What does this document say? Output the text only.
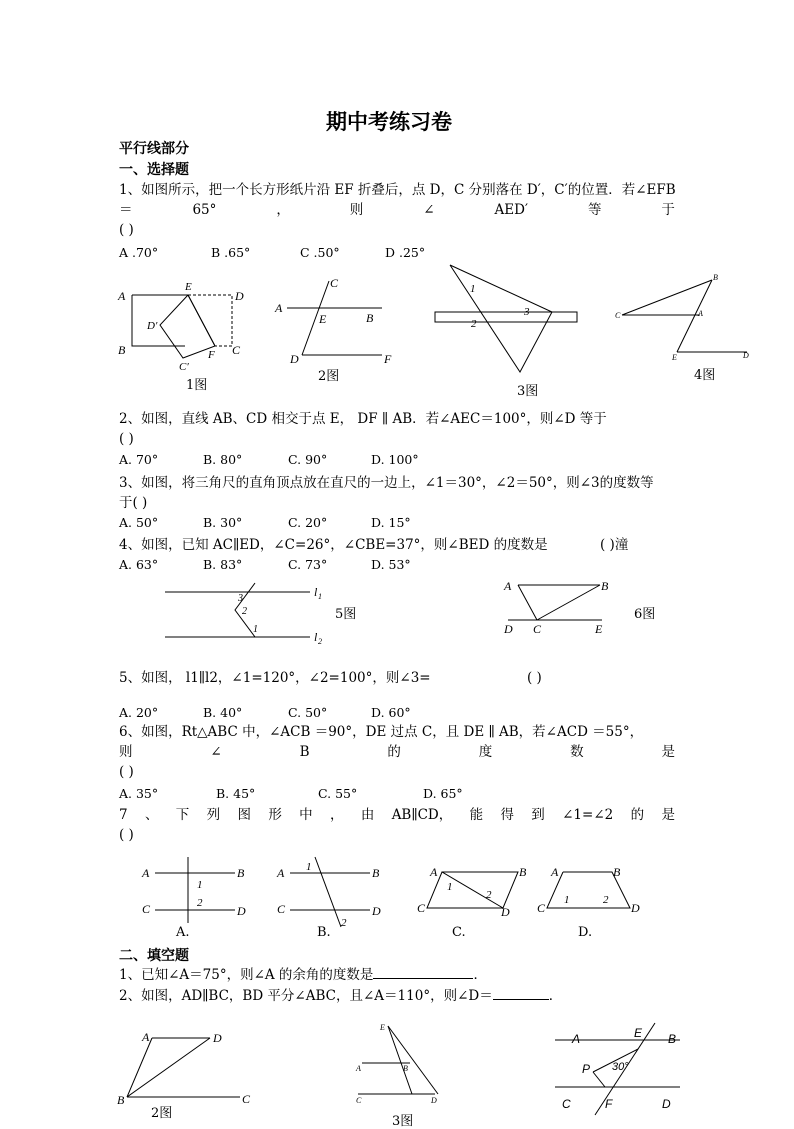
期中考练习卷
平行线部分
一、选择题
1、如图所示，把一个长方形纸片沿 EF 折叠后，点 D，C 分别落在 D′，C′的位置．若∠EFB
＝	65°	，	则	∠	AED′	等	于
( )
A .70°	B .65°	C .50°	D .25°
A
E
D
D′
B	F C
C′
1图
A
C
E	B
D	F
2图
1
3
2
3图
C
B
A
E	D
4图
2、如图，直线 AB、CD 相交于点 E， DF ∥ AB．若∠AEC＝100°，则∠D 等于
( )
A. 70°	B. 80°	C. 90°	D. 100°
3、如图，将三角尺的直角顶点放在直尺的一边上，∠1＝30°，∠2＝50°，则∠3的度数等
于( )
A. 50°	B. 30°	C. 20°	D. 15°
4、如图，已知 AC∥ED，∠C=26°，∠CBE=37°，则∠BED 的度数是	( )潼
A. 63°	B. 83°	C. 73°	D. 53°
l 1
l 2
3
2
1
5图
A	B
D C	E
6图
5、如图， l1∥l2，∠1=120°，∠2=100°，则∠3=	( )
A. 20°	B. 40°	C. 50°	D. 60°
6、如图，Rt△ABC 中，∠ACB ＝90°，DE 过点 C，且 DE ∥ AB，若∠ACD ＝55°，
则	∠	B	的	度	数	是
( )
A. 35°	B. 45°	C. 55°	D. 65°
7 、 下 列 图 形 中 ， 由 AB∥CD， 能 得 到 ∠1=∠2 的 是
( )
A	B
C	D
1
2
A.
A	B
C	D
1
2
B.
A	B
C	D
1
2
C.
A	B
C	D
1	2
D.
二、填空题
1、已知∠A＝75°，则∠A 的余角的度数是	．
2、如图，AD∥BC，BD 平分∠ABC，且∠A＝110°，则∠D＝	．
A	D
B	C
2图
E
A	B
C	D
3图
A	E B
P 30°
C	F	D
